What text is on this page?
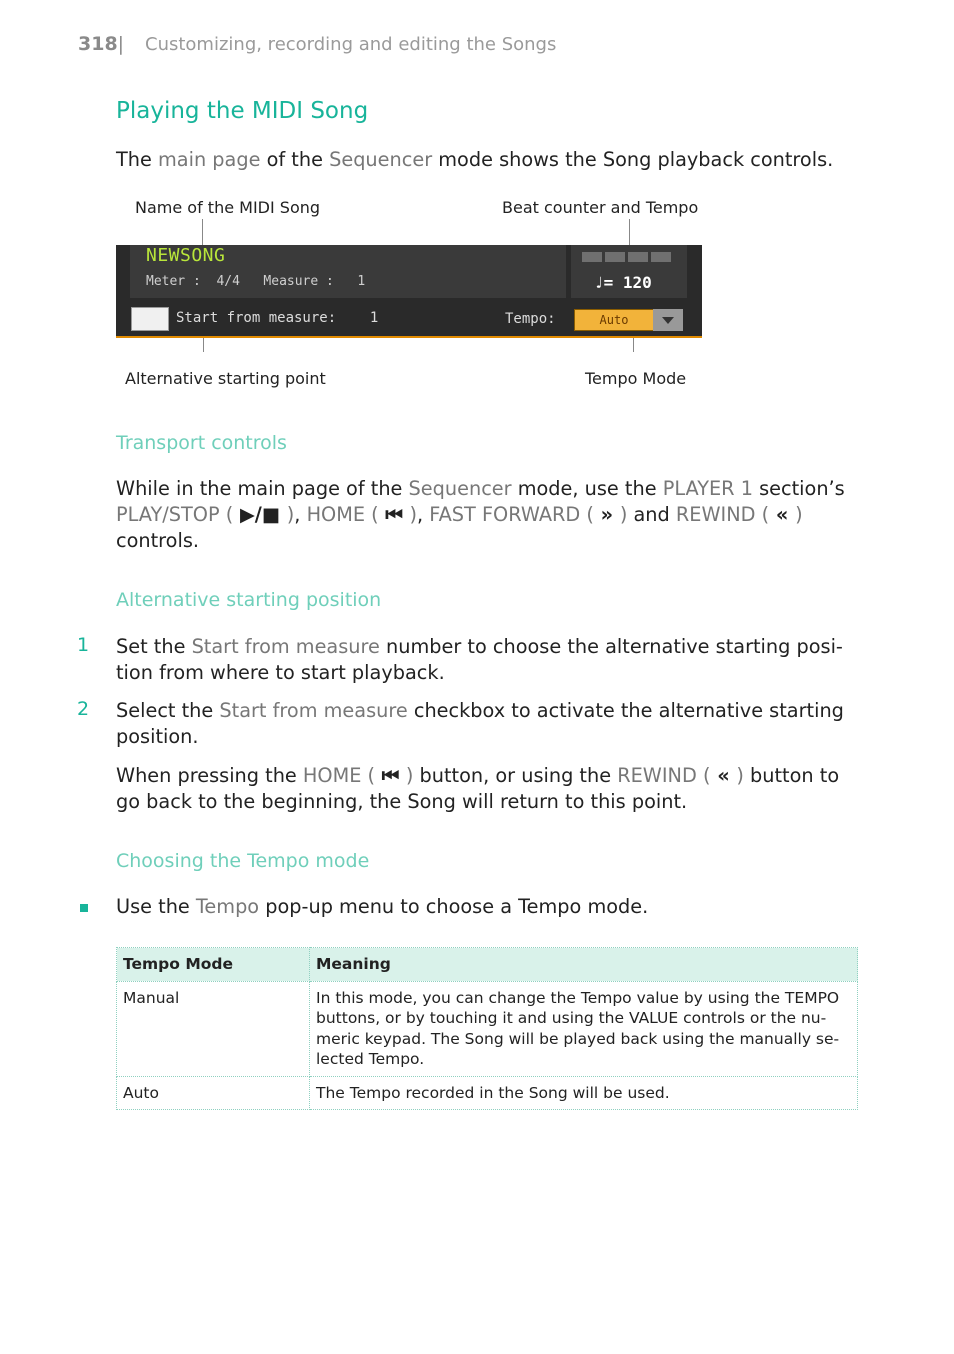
318| Customizing, recording and editing the Songs
Playing the MIDI Song
The main page of the Sequencer mode shows the Song playback controls.
Name of the MIDI Song	Beat counter and Tempo
NEWSONG
Meter : 4/4 Measure : 1	♩= 120
Start from measure: 1	Tempo:	Auto
Alternative starting point	Tempo Mode
Transport controls
While in the main page of the Sequencer mode, use the PLAYER 1 section’s PLAY/STOP ( ▶/■ ), HOME ( ⏮ ), FAST FORWARD ( » ) and REWIND ( « ) controls.
Alternative starting position
1 Set the Start from measure number to choose the alternative starting posi-tion from where to start playback.
2 Select the Start from measure checkbox to activate the alternative starting position.
When pressing the HOME ( ⏮ ) button, or using the REWIND ( « ) button to go back to the beginning, the Song will return to this point.
Choosing the Tempo mode
Use the Tempo pop-up menu to choose a Tempo mode.
Tempo Mode	Meaning
Manual	In this mode, you can change the Tempo value by using the TEMPO buttons, or by touching it and using the VALUE controls or the nu-meric keypad. The Song will be played back using the manually se-lected Tempo.
Auto	The Tempo recorded in the Song will be used.
